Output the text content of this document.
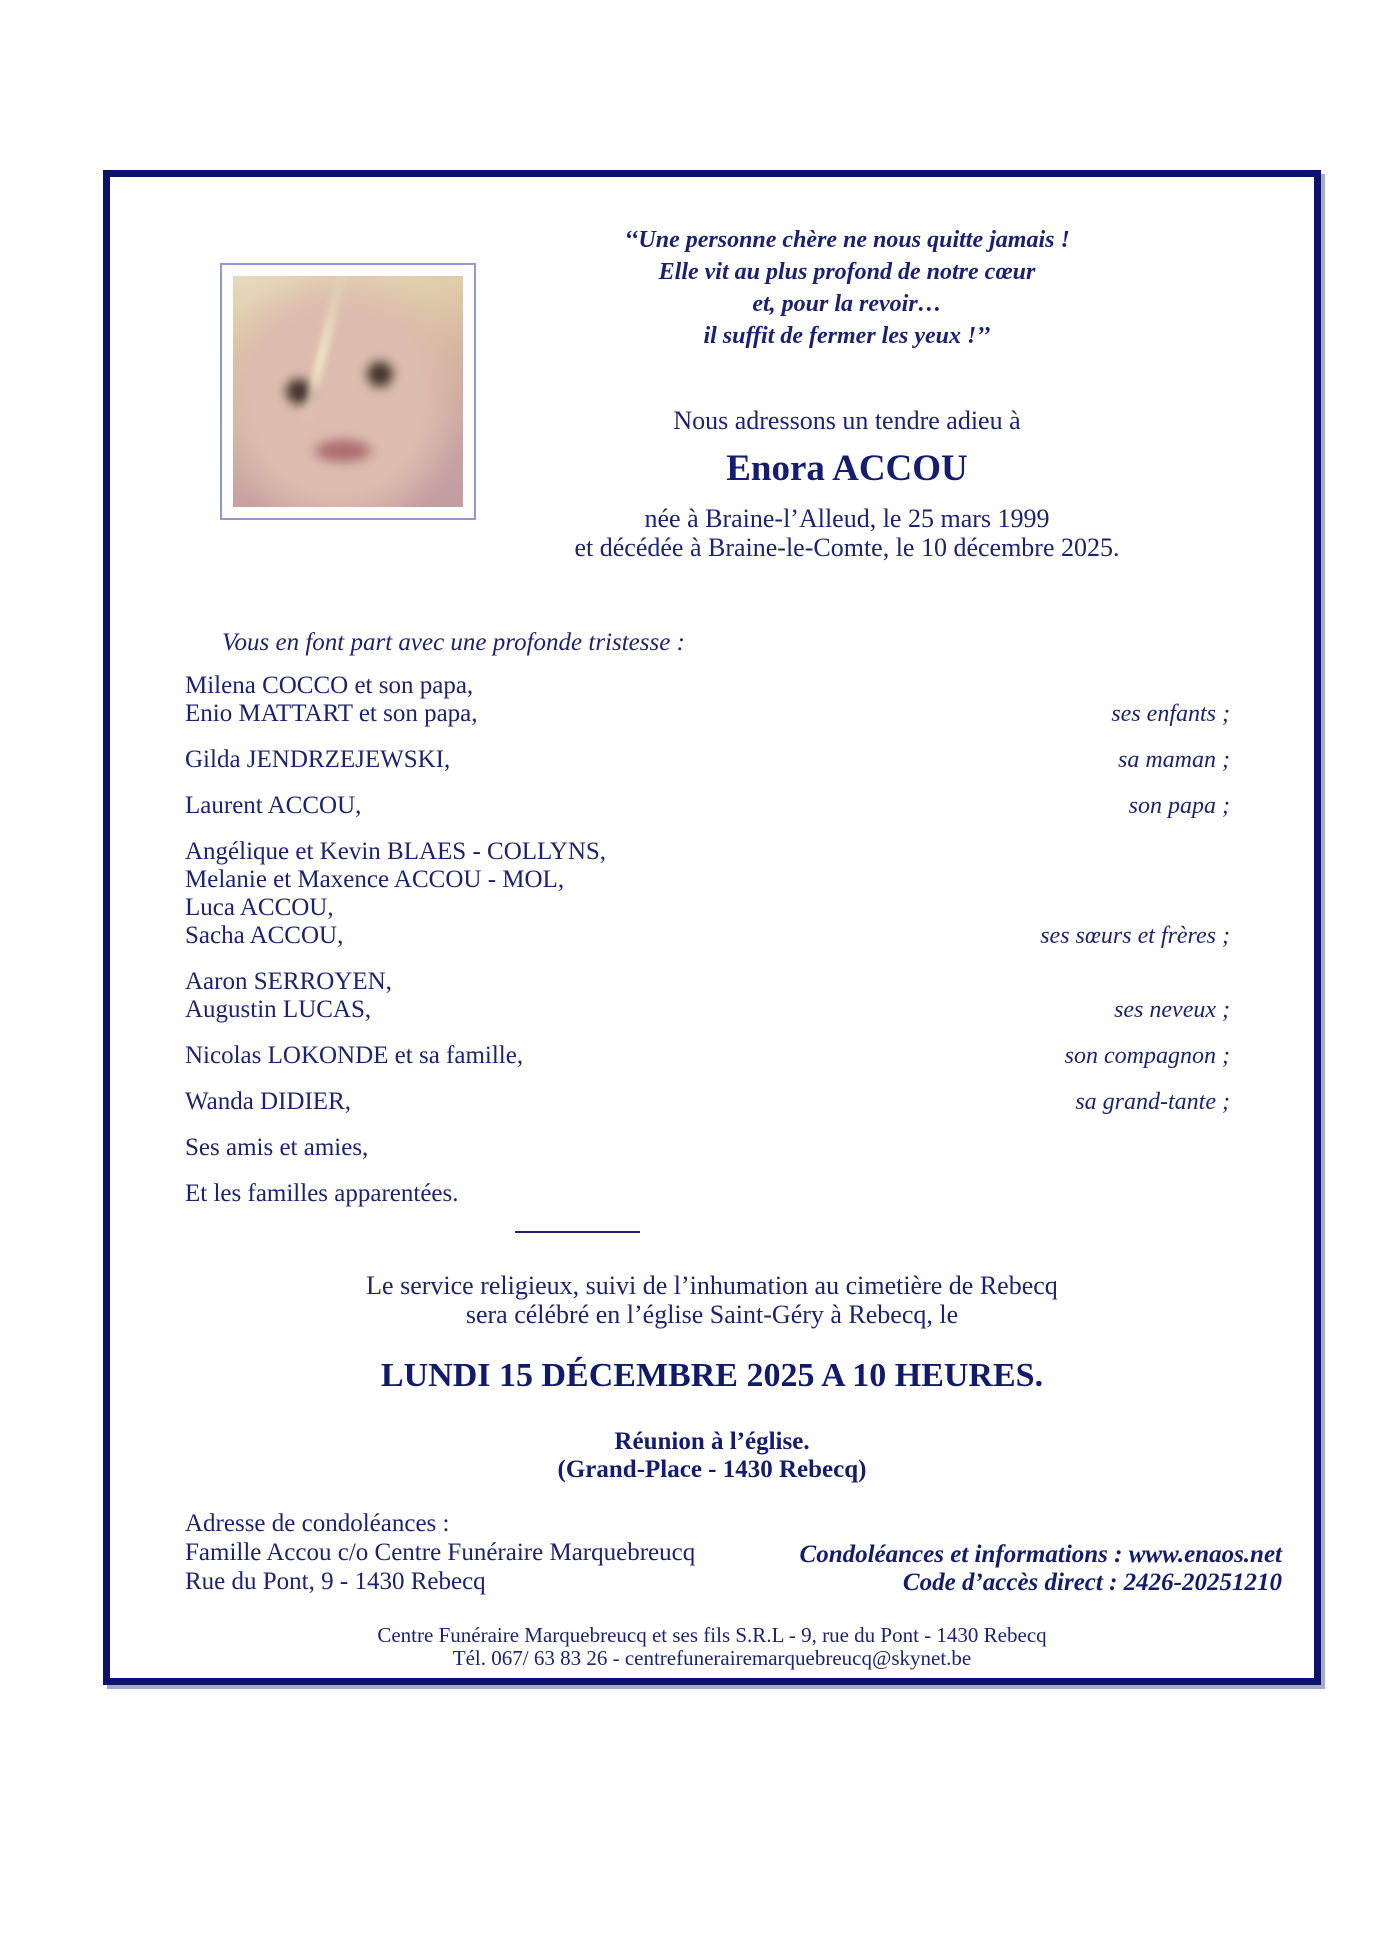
‘‘Une personne chère ne nous quitte jamais !
Elle vit au plus profond de notre cœur
et, pour la revoir…
il suffit de fermer les yeux !’’
Nous adressons un tendre adieu à
Enora ACCOU
née à Braine-l’Alleud, le 25 mars 1999
et décédée à Braine-le-Comte, le 10 décembre 2025.
Vous en font part avec une profonde tristesse :
Milena COCCO et son papa,
Enio MATTART et son papa,	ses enfants ;
Gilda JENDRZEJEWSKI,	sa maman ;
Laurent ACCOU,	son papa ;
Angélique et Kevin BLAES - COLLYNS,
Melanie et Maxence ACCOU - MOL,
Luca ACCOU,
Sacha ACCOU,	ses sœurs et frères ;
Aaron SERROYEN,
Augustin LUCAS,	ses neveux ;
Nicolas LOKONDE et sa famille,	son compagnon ;
Wanda DIDIER,	sa grand-tante ;
Ses amis et amies,
Et les familles apparentées.
Le service religieux, suivi de l’inhumation au cimetière de Rebecq
sera célébré en l’église Saint-Géry à Rebecq, le
LUNDI 15 DÉCEMBRE 2025 A 10 HEURES.
Réunion à l’église.
(Grand-Place - 1430 Rebecq)
Adresse de condoléances :
Famille Accou c/o Centre Funéraire Marquebreucq
Rue du Pont, 9 - 1430 Rebecq
Condoléances et informations : www.enaos.net
Code d’accès direct : 2426-20251210
Centre Funéraire Marquebreucq et ses fils S.R.L - 9, rue du Pont - 1430 Rebecq
Tél. 067/ 63 83 26 - centrefunerairemarquebreucq@skynet.be
